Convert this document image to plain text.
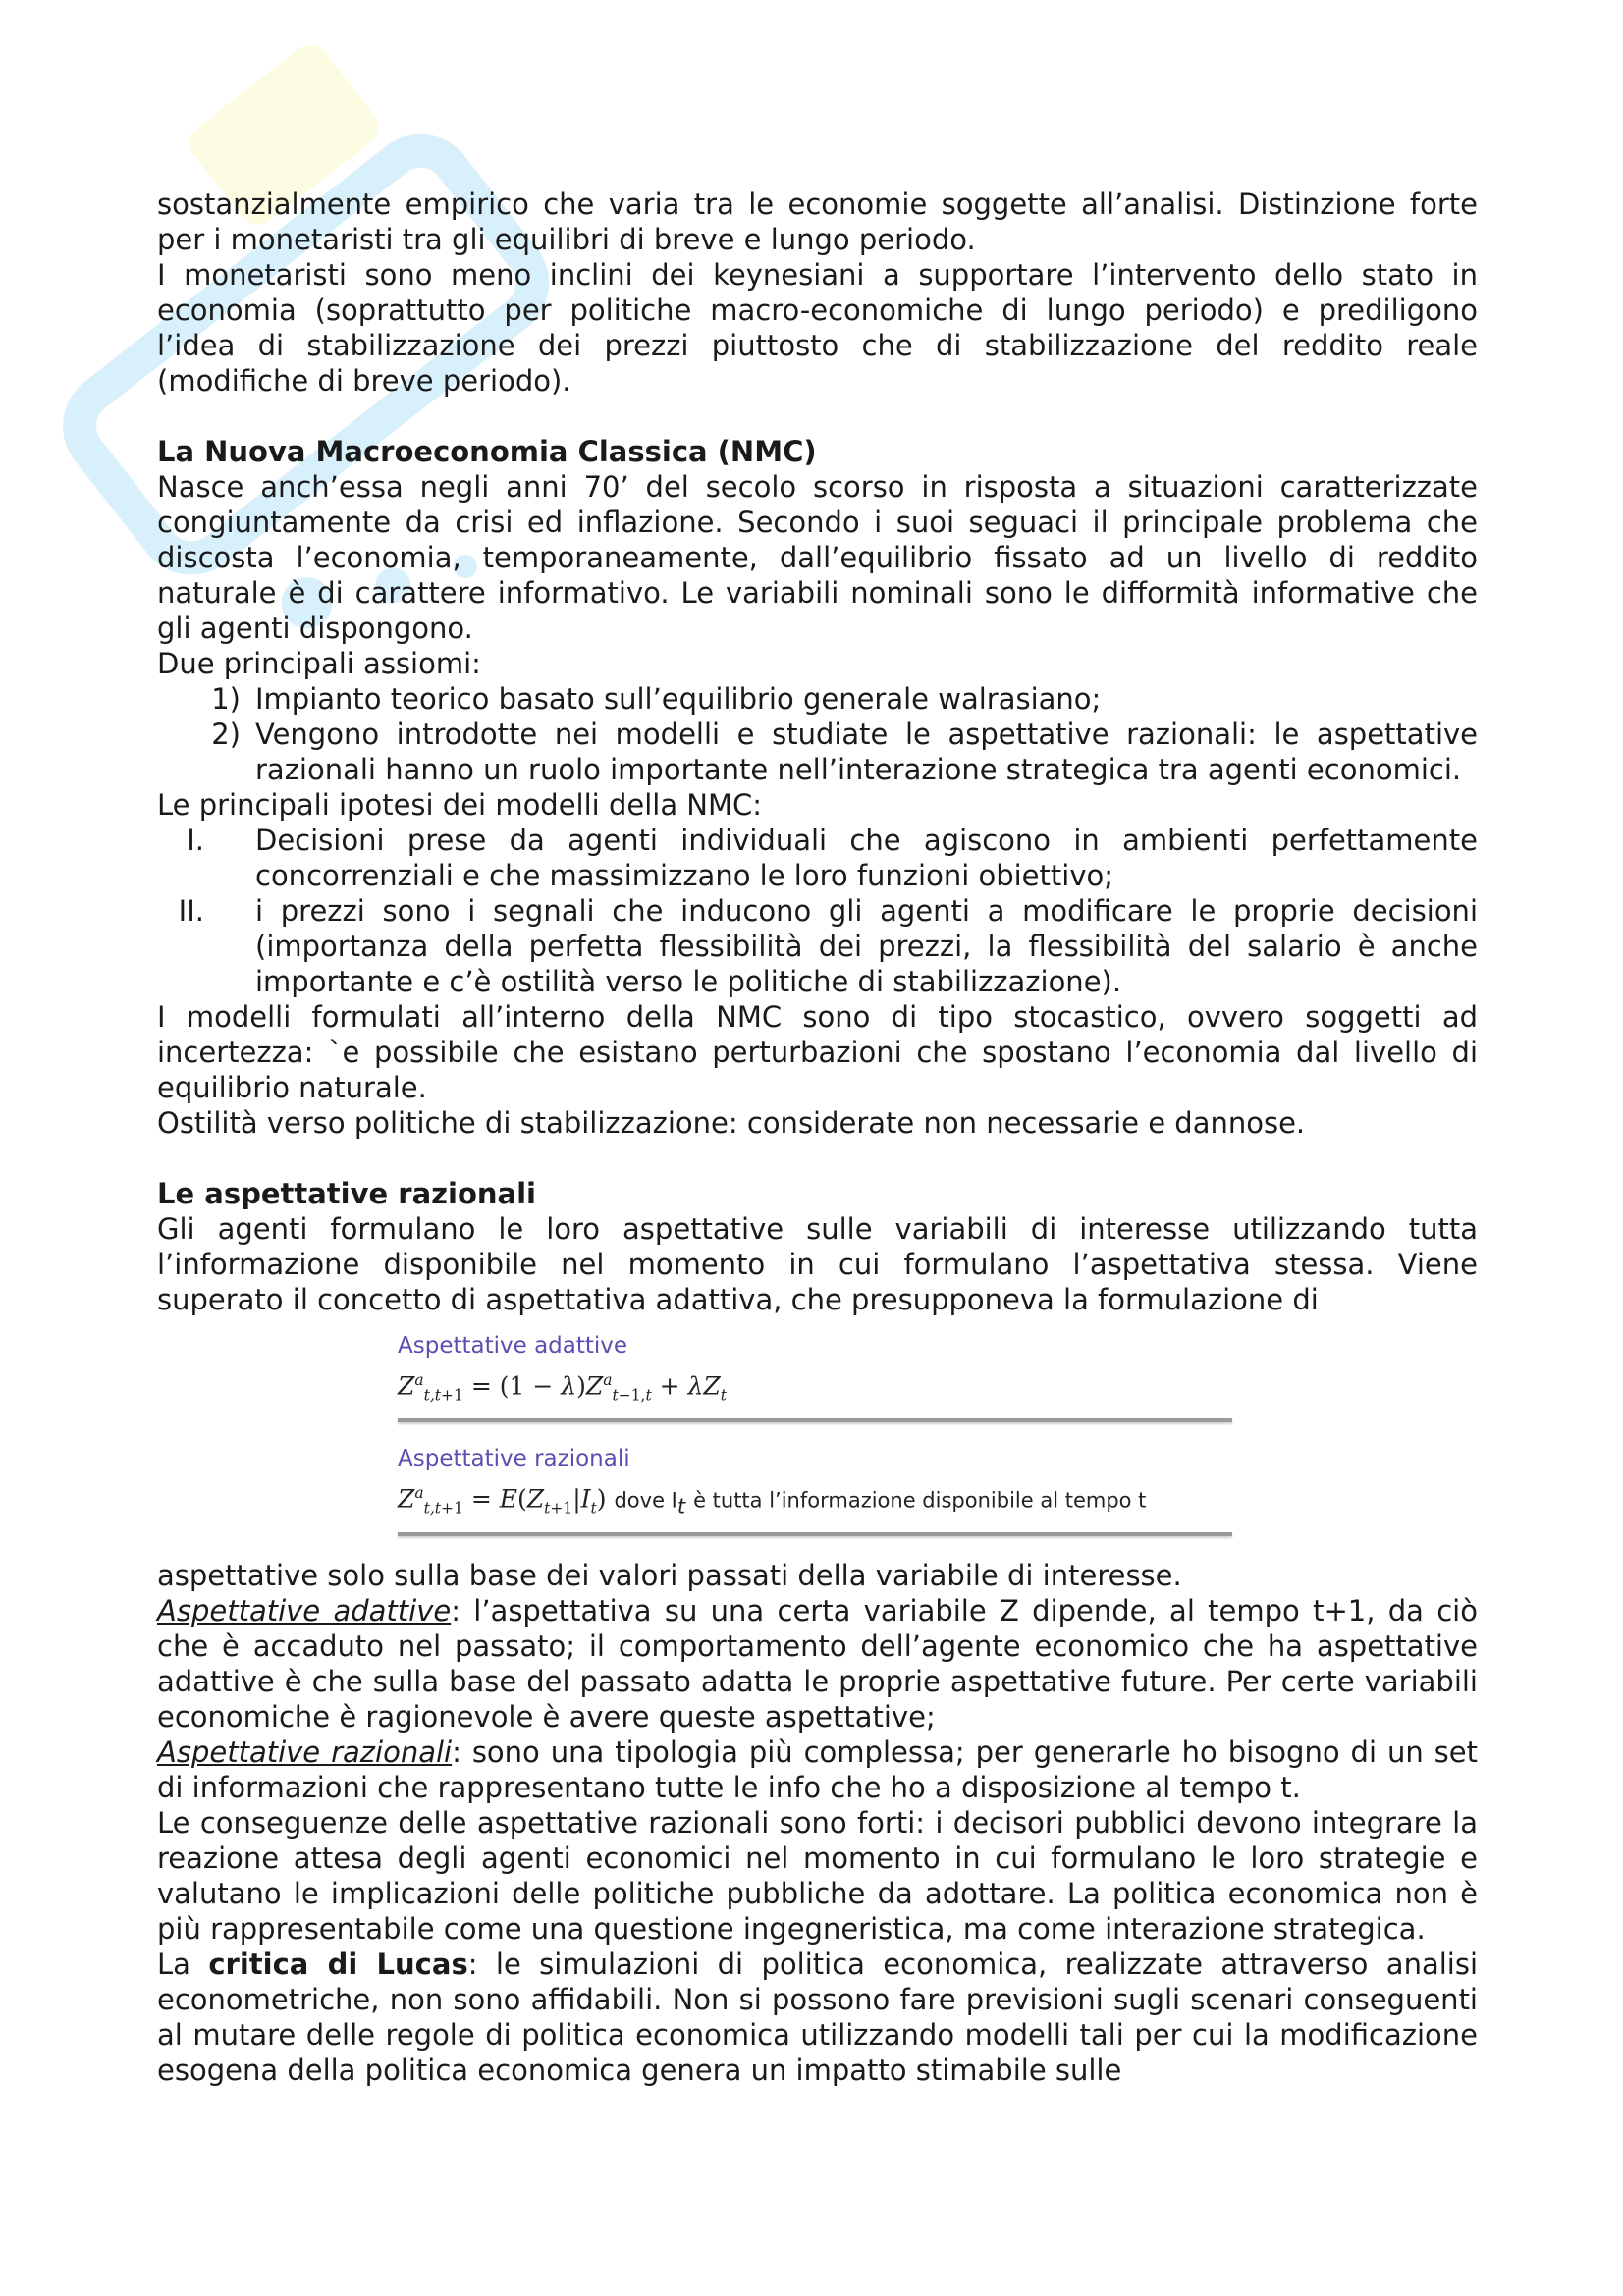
sostanzialmente empirico che varia tra le economie soggette all’analisi. Distinzione forte per i monetaristi tra gli equilibri di breve e lungo periodo.

I monetaristi sono meno inclini dei keynesiani a supportare l’intervento dello stato in economia (soprattutto per politiche macro-economiche di lungo periodo) e prediligono l’idea di stabilizzazione dei prezzi piuttosto che di stabilizzazione del reddito reale (modifiche di breve periodo).

La Nuova Macroeconomia Classica (NMC)

Nasce anch’essa negli anni 70’ del secolo scorso in risposta a situazioni caratterizzate congiuntamente da crisi ed inflazione. Secondo i suoi seguaci il principale problema che discosta l’economia, temporaneamente, dall’equilibrio fissato ad un livello di reddito naturale è di carattere informativo. Le variabili nominali sono le difformità informative che gli agenti dispongono.

Due principali assiomi:

1) Impianto teorico basato sull’equilibrio generale walrasiano;
2) Vengono introdotte nei modelli e studiate le aspettative razionali: le aspettative razionali hanno un ruolo importante nell’interazione strategica tra agenti economici.

Le principali ipotesi dei modelli della NMC:

I. Decisioni prese da agenti individuali che agiscono in ambienti perfettamente concorrenziali e che massimizzano le loro funzioni obiettivo;
II. i prezzi sono i segnali che inducono gli agenti a modificare le proprie decisioni (importanza della perfetta flessibilità dei prezzi, la flessibilità del salario è anche importante e c’è ostilità verso le politiche di stabilizzazione).

I modelli formulati all’interno della NMC sono di tipo stocastico, ovvero soggetti ad incertezza: `e possibile che esistano perturbazioni che spostano l’economia dal livello di equilibrio naturale.

Ostilità verso politiche di stabilizzazione: considerate non necessarie e dannose.

Le aspettative razionali

Gli agenti formulano le loro aspettative sulle variabili di interesse utilizzando tutta l’informazione disponibile nel momento in cui formulano l’aspettativa stessa. Viene superato il concetto di aspettativa adattiva, che presupponeva la formulazione di

Aspettative adattive
$Z^a_{t,t+1} = (1 - \lambda)Z^a_{t-1,t} + \lambda Z_t$
Aspettative razionali
$Z^a_{t,t+1} = E(Z_{t+1}|I_t)$ dove $I_t$ è tutta l’informazione disponibile al tempo t

aspettative solo sulla base dei valori passati della variabile di interesse.

Aspettative adattive: l’aspettativa su una certa variabile Z dipende, al tempo t+1, da ciò che è accaduto nel passato; il comportamento dell’agente economico che ha aspettative adattive è che sulla base del passato adatta le proprie aspettative future. Per certe variabili economiche è ragionevole è avere queste aspettative;

Aspettative razionali: sono una tipologia più complessa; per generarle ho bisogno di un set di informazioni che rappresentano tutte le info che ho a disposizione al tempo t.

Le conseguenze delle aspettative razionali sono forti: i decisori pubblici devono integrare la reazione attesa degli agenti economici nel momento in cui formulano le loro strategie e valutano le implicazioni delle politiche pubbliche da adottare. La politica economica non è più rappresentabile come una questione ingegneristica, ma come interazione strategica.

La critica di Lucas: le simulazioni di politica economica, realizzate attraverso analisi econometriche, non sono affidabili. Non si possono fare previsioni sugli scenari conseguenti al mutare delle regole di politica economica utilizzando modelli tali per cui la modificazione esogena della politica economica genera un impatto stimabile sulle
